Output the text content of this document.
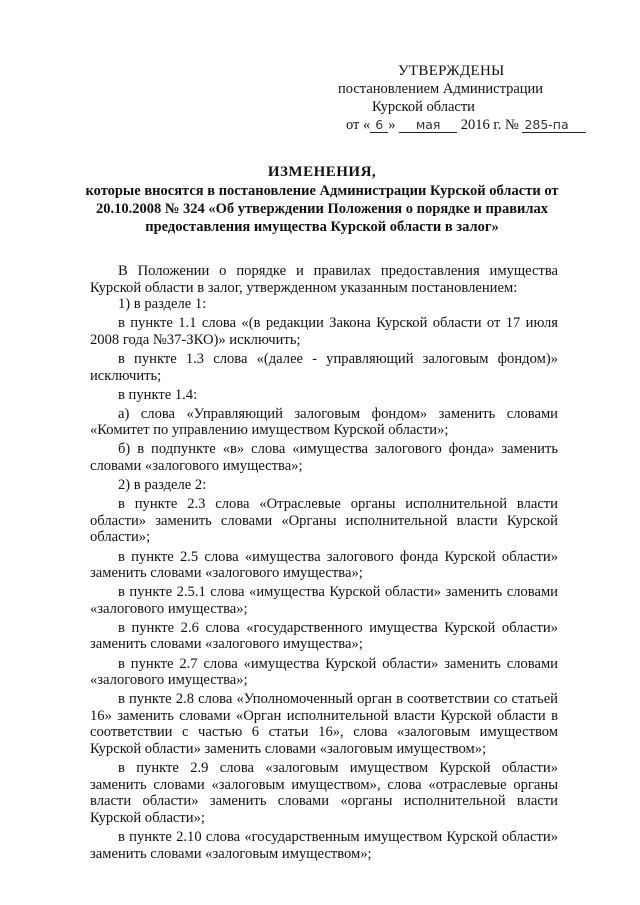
УТВЕРЖДЕНЫ
постановлением Администрации
Курской области
от « 6 » мая 2016 г. № 285-па
ИЗМЕНЕНИЯ,
которые вносятся в постановление Администрации Курской области от 20.10.2008 № 324 «Об утверждении Положения о порядке и правилах предоставления имущества Курской области в залог»

В Положении о порядке и правилах предоставления имущества Курской области в залог, утвержденном указанным постановлением:

1) в разделе 1:

в пункте 1.1 слова «(в редакции Закона Курской области от 17 июля 2008 года №37-ЗКО)» исключить;

в пункте 1.3 слова «(далее - управляющий залоговым фондом)» исключить;

в пункте 1.4:

а) слова «Управляющий залоговым фондом» заменить словами «Комитет по управлению имуществом Курской области»;

б) в подпункте «в» слова «имущества залогового фонда» заменить словами «залогового имущества»;

2) в разделе 2:

в пункте 2.3 слова «Отраслевые органы исполнительной власти области» заменить словами «Органы исполнительной власти Курской области»;

в пункте 2.5 слова «имущества залогового фонда Курской области» заменить словами «залогового имущества»;

в пункте 2.5.1 слова «имущества Курской области» заменить словами «залогового имущества»;

в пункте 2.6 слова «государственного имущества Курской области» заменить словами «залогового имущества»;

в пункте 2.7 слова «имущества Курской области» заменить словами «залогового имущества»;

в пункте 2.8 слова «Уполномоченный орган в соответствии со статьей 16» заменить словами «Орган исполнительной власти Курской области в соответствии с частью 6 статьи 16», слова «залоговым имуществом Курской области» заменить словами «залоговым имуществом»;

в пункте 2.9 слова «залоговым имуществом Курской области» заменить словами «залоговым имуществом», слова «отраслевые органы власти области» заменить словами «органы исполнительной власти Курской области»;

в пункте 2.10 слова «государственным имуществом Курской области» заменить словами «залоговым имуществом»;
